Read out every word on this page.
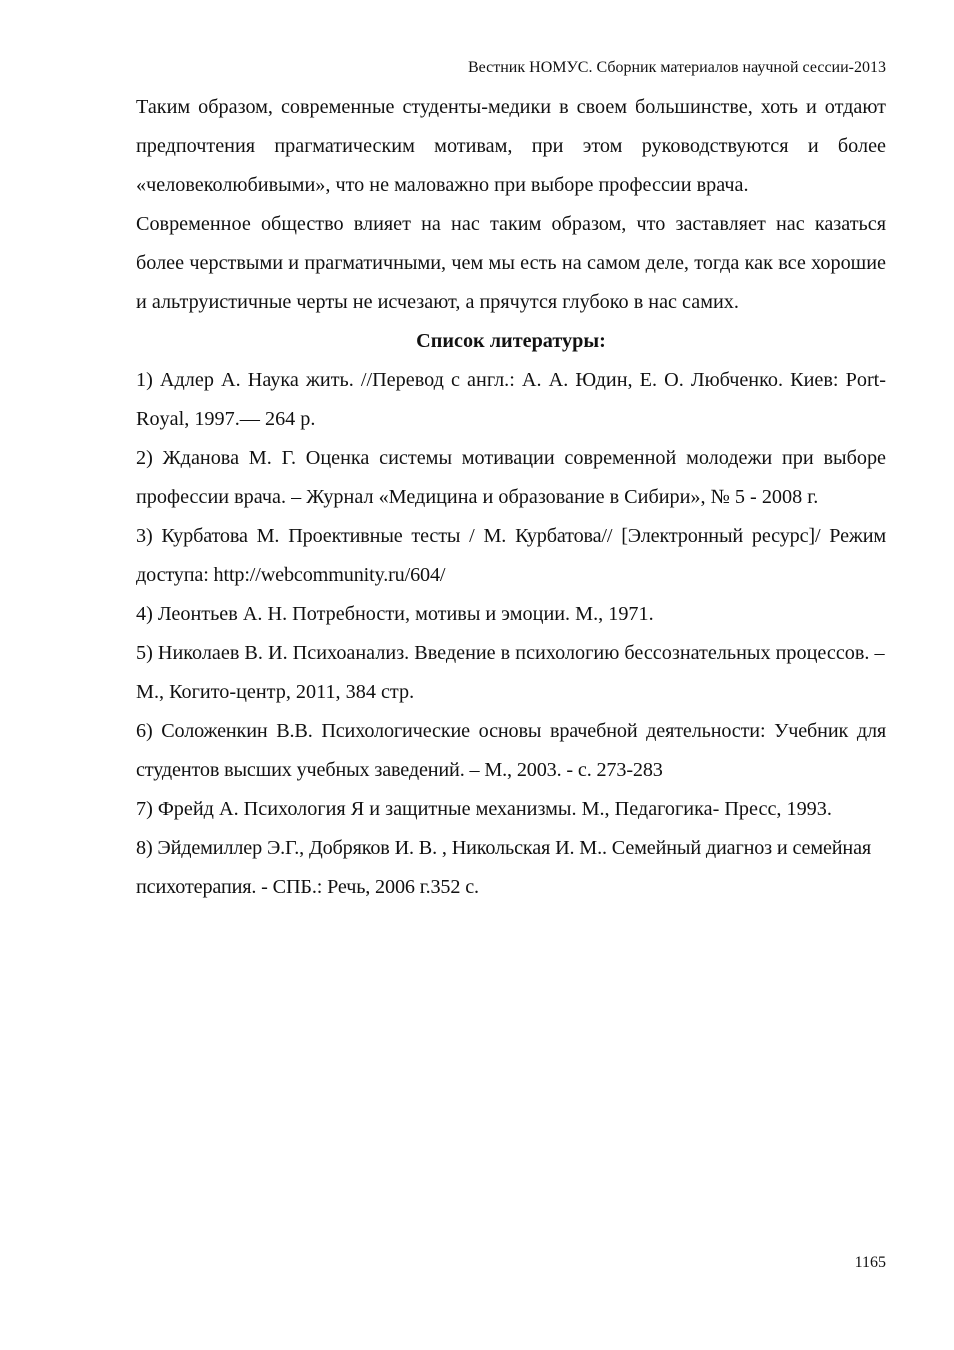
Вестник НОМУС. Сборник материалов научной сессии-2013

Таким образом, современные студенты-медики в своем большинстве, хоть и отдают предпочтения прагматическим мотивам, при этом руководствуются и более «человеколюбивыми», что не маловажно при выборе профессии врача.

Современное общество влияет на нас таким образом, что заставляет нас казаться более черствыми и прагматичными, чем мы есть на самом деле, тогда как все хорошие и альтруистичные черты не исчезают, а прячутся глубоко в нас самих.

Список литературы:

1) Адлер А. Наука жить. //Перевод с англ.: А. А. Юдин, Е. О. Любченко. Киев: Port-Royal, 1997.— 264 p.

2) Жданова М. Г. Оценка системы мотивации современной молодежи при выборе профессии врача. – Журнал «Медицина и образование в Сибири», № 5 - 2008 г.

3) Курбатова М. Проективные тесты / М. Курбатова// [Электронный ресурс]/ Режим доступа: http://webcommunity.ru/604/

4) Леонтьев А. Н. Потребности, мотивы и эмоции. М., 1971.

5) Николаев В. И. Психоанализ. Введение в психологию бессознательных процессов. – М., Когито-центр, 2011, 384 стр.

6) Соложенкин В.В. Психологические основы врачебной деятельности: Учебник для студентов высших учебных заведений. – М., 2003. - с. 273-283

7) Фрейд А. Психология Я и защитные механизмы. М., Педагогика- Пресс, 1993.

8) Эйдемиллер Э.Г., Добряков И. В. , Никольская И. М.. Семейный диагноз и семейная психотерапия. - СПБ.: Речь, 2006 г.352 с.

1165
